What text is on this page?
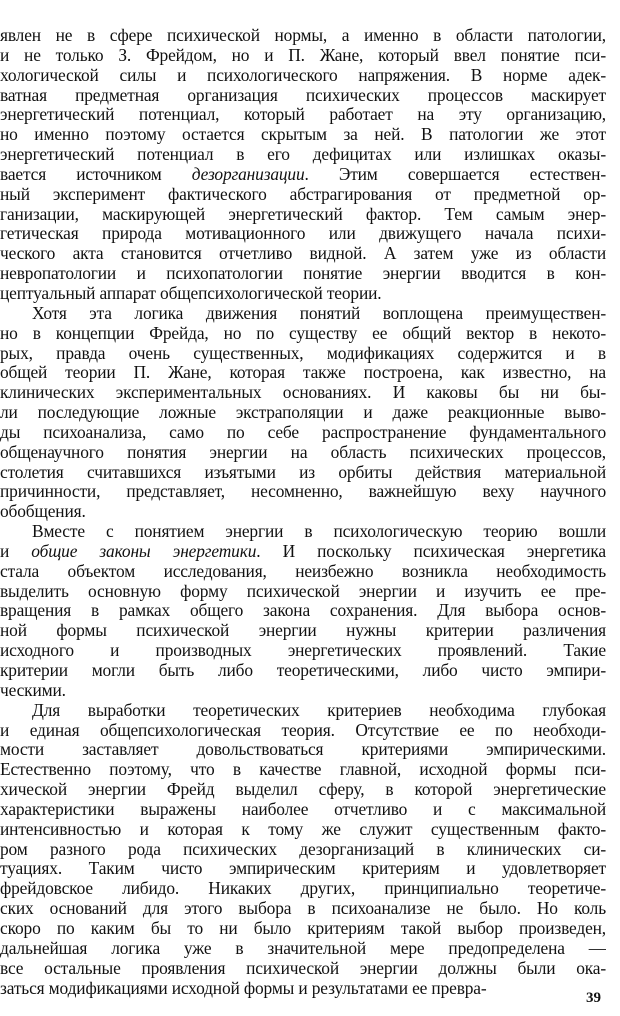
явлен не в сфере психической нормы, а именно в области патологии,
и не только З. Фрейдом, но и П. Жане, который ввел понятие пси-
хологической силы и психологического напряжения. В норме адек-
ватная предметная организация психических процессов маскирует
энергетический потенциал, который работает на эту организацию,
но именно поэтому остается скрытым за ней. В патологии же этот
энергетический потенциал в его дефицитах или излишках оказы-
вается источником дезорганизации. Этим совершается естествен-
ный эксперимент фактического абстрагирования от предметной ор-
ганизации, маскирующей энергетический фактор. Тем самым энер-
гетическая природа мотивационного или движущего начала психи-
ческого акта становится отчетливо видной. А затем уже из области
невропатологии и психопатологии понятие энергии вводится в кон-
цептуальный аппарат общепсихологической теории.
Хотя эта логика движения понятий воплощена преимуществен-
но в концепции Фрейда, но по существу ее общий вектор в некото-
рых, правда очень существенных, модификациях содержится и в
общей теории П. Жане, которая также построена, как известно, на
клинических экспериментальных основаниях. И каковы бы ни бы-
ли последующие ложные экстраполяции и даже реакционные выво-
ды психоанализа, само по себе распространение фундаментального
общенаучного понятия энергии на область психических процессов,
столетия считавшихся изъятыми из орбиты действия материальной
причинности, представляет, несомненно, важнейшую веху научного
обобщения.
Вместе с понятием энергии в психологическую теорию вошли
и общие законы энергетики. И поскольку психическая энергетика
стала объектом исследования, неизбежно возникла необходимость
выделить основную форму психической энергии и изучить ее пре-
вращения в рамках общего закона сохранения. Для выбора основ-
ной формы психической энергии нужны критерии различения
исходного и производных энергетических проявлений. Такие
критерии могли быть либо теоретическими, либо чисто эмпири-
ческими.
Для выработки теоретических критериев необходима глубокая
и единая общепсихологическая теория. Отсутствие ее по необходи-
мости заставляет довольствоваться критериями эмпирическими.
Естественно поэтому, что в качестве главной, исходной формы пси-
хической энергии Фрейд выделил сферу, в которой энергетические
характеристики выражены наиболее отчетливо и с максимальной
интенсивностью и которая к тому же служит существенным факто-
ром разного рода психических дезорганизаций в клинических си-
туациях. Таким чисто эмпирическим критериям и удовлетворяет
фрейдовское либидо. Никаких других, принципиально теоретиче-
ских оснований для этого выбора в психоанализе не было. Но коль
скоро по каким бы то ни было критериям такой выбор произведен,
дальнейшая логика уже в значительной мере предопределена —
все остальные проявления психической энергии должны были ока-
заться модификациями исходной формы и результатами ее превра-
39
